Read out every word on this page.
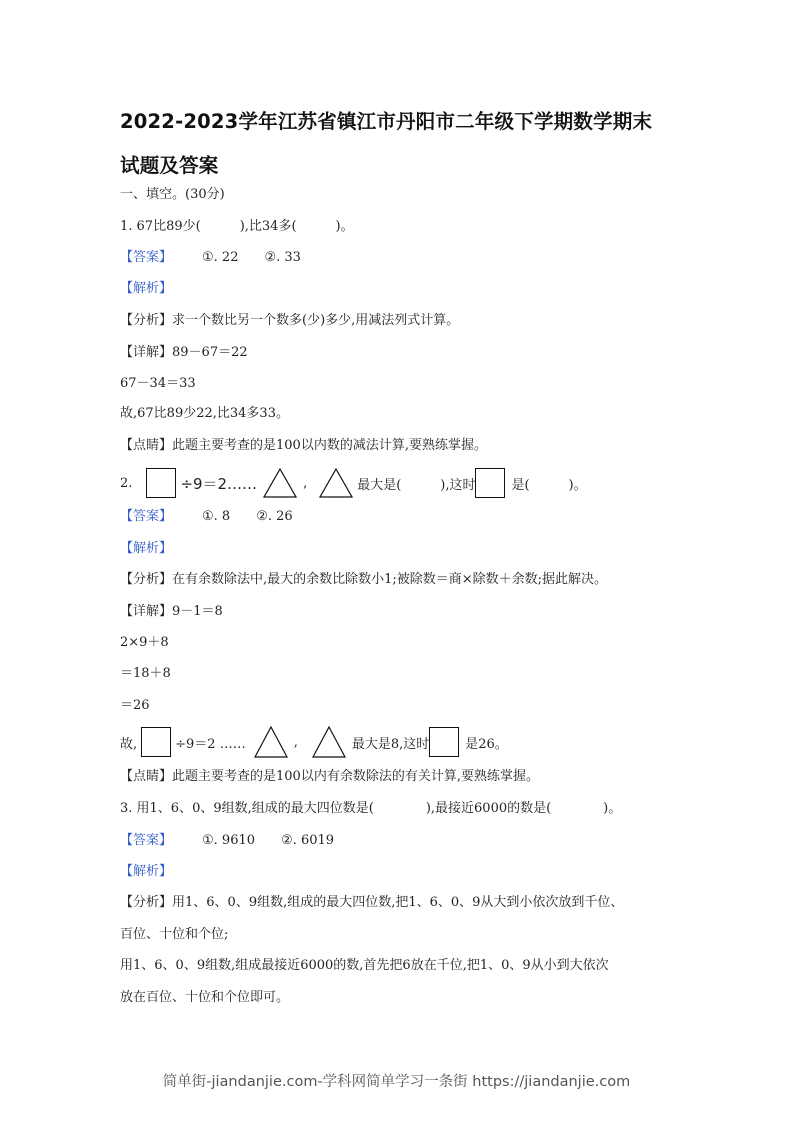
2022-2023学年江苏省镇江市丹阳市二年级下学期数学期末
试题及答案
一、填空。(30分)
1. 67比89少(　　　),比34多(　　　)。
【答案】 ①. 22　　②. 33
【解析】
【分析】求一个数比另一个数多(少)多少,用减法列式计算。
【详解】89－67＝22
67－34＝33
故,67比89少22,比34多33。
【点睛】此题主要考查的是100以内数的减法计算,要熟练掌握。
2.	÷9＝2……	,	最大是(　　　),这时	是(　　　)。
【答案】 ①. 8　　②. 26
【解析】
【分析】在有余数除法中,最大的余数比除数小1;被除数＝商×除数＋余数;据此解决。
【详解】9－1＝8
2×9＋8
＝18＋8
＝26
故,	÷9＝2 ……	,	最大是8,这时	是26。
【点睛】此题主要考查的是100以内有余数除法的有关计算,要熟练掌握。
3. 用1、6、0、9组数,组成的最大四位数是(　　　　),最接近6000的数是(　　　　)。
【答案】 ①. 9610　　②. 6019
【解析】
【分析】用1、6、0、9组数,组成的最大四位数,把1、6、0、9从大到小依次放到千位、
百位、十位和个位;
用1、6、0、9组数,组成最接近6000的数,首先把6放在千位,把1、0、9从小到大依次
放在百位、十位和个位即可。
简单街-jiandanjie.com-学科网简单学习一条街 https://jiandanjie.com
